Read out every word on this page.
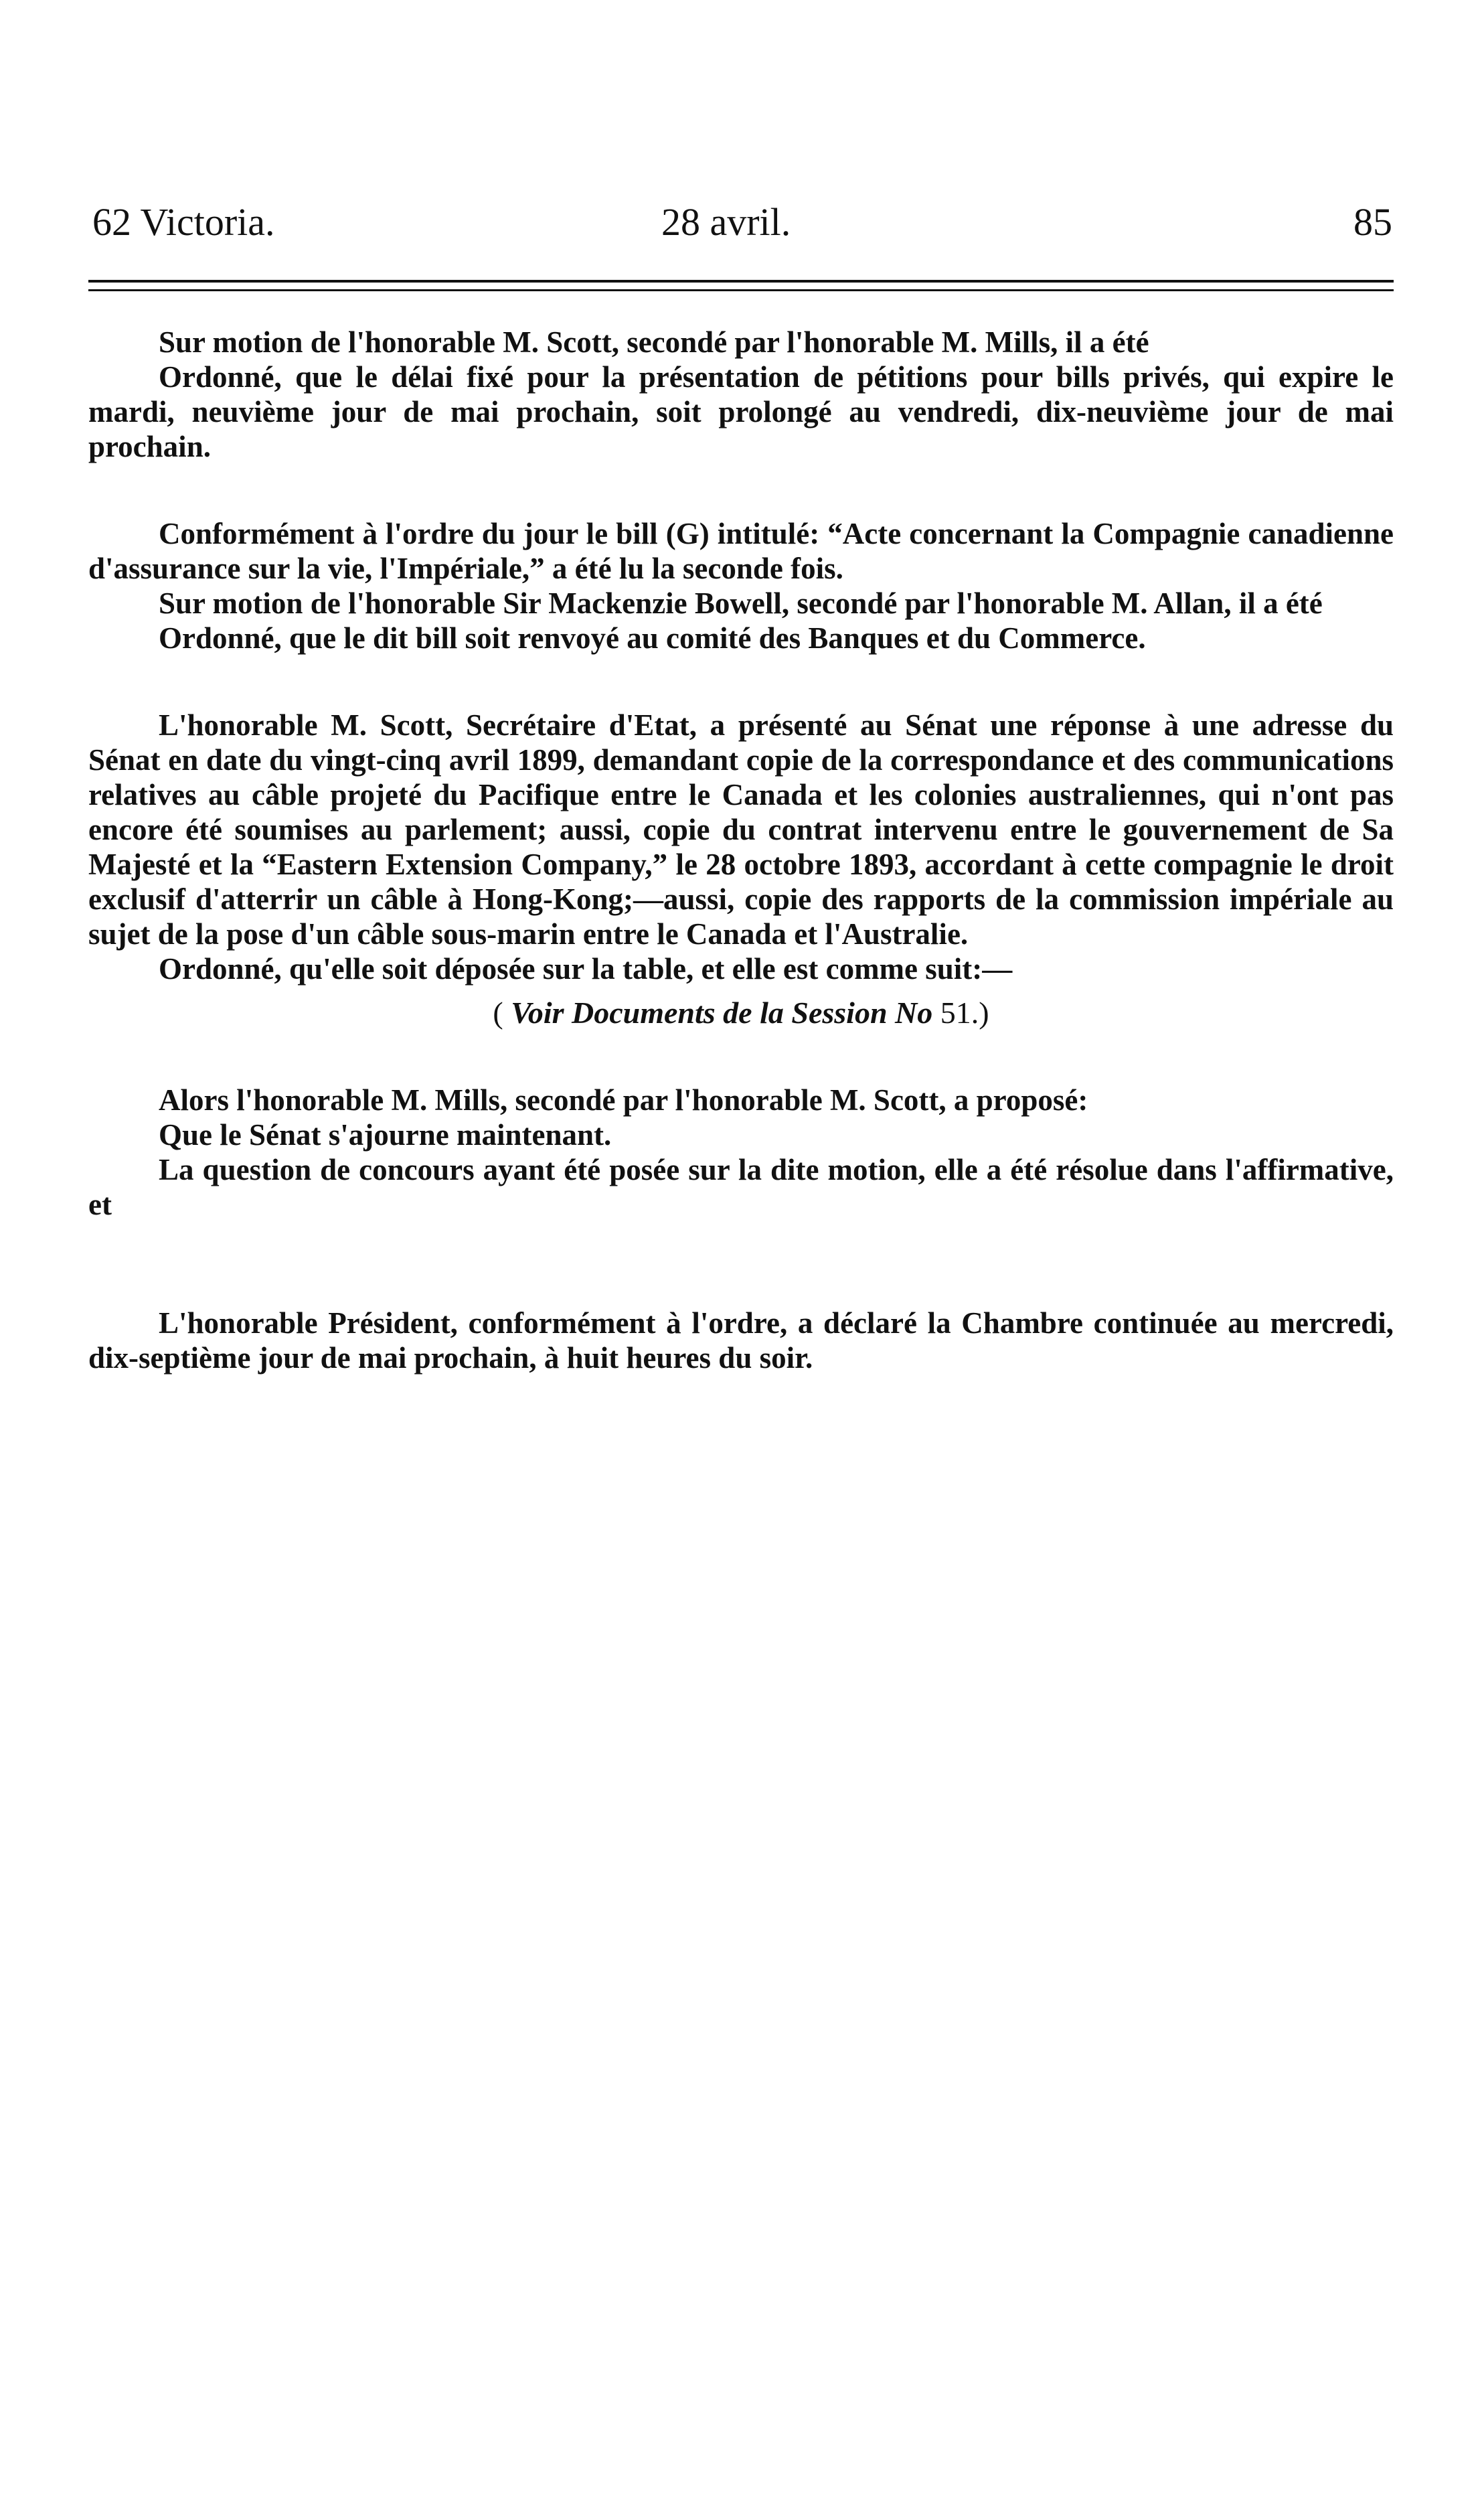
62 Victoria.	28 avril.	85

Sur motion de l'honorable M. Scott, secondé par l'honorable M. Mills, il a été

Ordonné, que le délai fixé pour la présentation de pétitions pour bills privés, qui expire le mardi, neuvième jour de mai prochain, soit prolongé au vendredi, dix-neuvième jour de mai prochain.

Conformément à l'ordre du jour le bill (G) intitulé: “Acte concernant la Compagnie canadienne d'assurance sur la vie, l'Impériale,” a été lu la seconde fois.

Sur motion de l'honorable Sir Mackenzie Bowell, secondé par l'honorable M. Allan, il a été

Ordonné, que le dit bill soit renvoyé au comité des Banques et du Commerce.

L'honorable M. Scott, Secrétaire d'Etat, a présenté au Sénat une réponse à une adresse du Sénat en date du vingt-cinq avril 1899, demandant copie de la correspondance et des communications relatives au câble projeté du Pacifique entre le Canada et les colonies australiennes, qui n'ont pas encore été soumises au parlement; aussi, copie du contrat intervenu entre le gouvernement de Sa Majesté et la “Eastern Extension Company,” le 28 octobre 1893, accordant à cette compagnie le droit exclusif d'atterrir un câble à Hong-Kong;—aussi, copie des rapports de la commission impériale au sujet de la pose d'un câble sous-marin entre le Canada et l'Australie.

Ordonné, qu'elle soit déposée sur la table, et elle est comme suit:—

( Voir Documents de la Session No 51.)

Alors l'honorable M. Mills, secondé par l'honorable M. Scott, a proposé:

Que le Sénat s'ajourne maintenant.

La question de concours ayant été posée sur la dite motion, elle a été résolue dans l'affirmative, et

L'honorable Président, conformément à l'ordre, a déclaré la Chambre continuée au mercredi, dix-septième jour de mai prochain, à huit heures du soir.
